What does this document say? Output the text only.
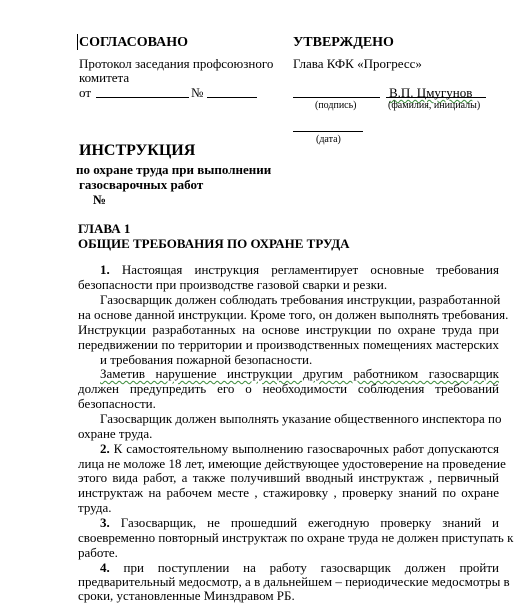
СОГЛАСОВАНО	УТВЕРЖДЕНО
Протокол заседания профсоюзного
комитета
от	№
Глава КФК «Прогресс»
В.П. Цмугунов
(подпись)	(фамилия, инициалы)
(дата)
ИНСТРУКЦИЯ
по охране труда при выполнении
газосварочных работ
№
ГЛАВА 1
ОБЩИЕ ТРЕБОВАНИЯ ПО ОХРАНЕ ТРУДА
1. Настоящая инструкция регламентирует основные требования
безопасности при производстве газовой сварки и резки.
Газосварщик должен соблюдать требования инструкции, разработанной
на основе данной инструкции. Кроме того, он должен выполнять требования.
Инструкции разработанных на основе инструкции по охране труда при
передвижении по территории и производственных помещениях мастерских
и требования пожарной безопасности.
Заметив нарушение инструкции другим работником газосварщик
должен предупредить его о необходимости соблюдения требований
безопасности.
Газосварщик должен выполнять указание общественного инспектора по
охране труда.
2. К самостоятельному выполнению газосварочных работ допускаются
лица не моложе 18 лет, имеющие действующее удостоверение на проведение
этого вида работ, а также получивший вводный инструктаж , первичный
инструктаж на рабочем месте , стажировку , проверку знаний по охране
труда.
3. Газосварщик, не прошедший ежегодную проверку знаний и
своевременно повторный инструктаж по охране труда не должен приступать к
работе.
4. при поступлении на работу газосварщик должен пройти
предварительный медосмотр, а в дальнейшем – периодические медосмотры в
сроки, установленные Минздравом РБ.
